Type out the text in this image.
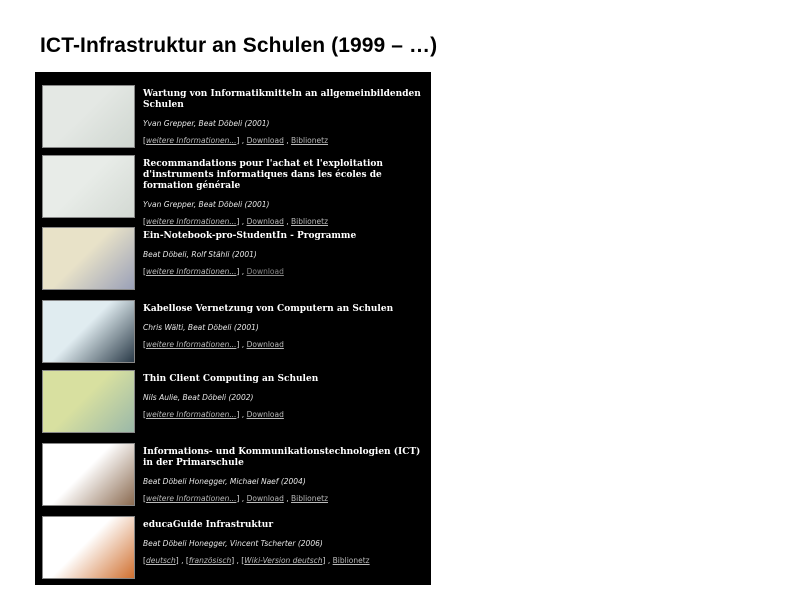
ICT-Infrastruktur an Schulen (1999 – …)
Wartung von Informatikmitteln an allgemeinbildenden Schulen
Yvan Grepper, Beat Döbeli (2001)
[weitere Informationen...] , Download , Biblionetz
Recommandations pour l'achat et l'exploitation d'instruments informatiques dans les écoles de formation générale
Yvan Grepper, Beat Döbeli (2001)
[weitere Informationen...] , Download , Biblionetz
Ein-Notebook-pro-StudentIn - Programme
Beat Döbeli, Rolf Stähli (2001)
[weitere Informationen...] , Download
Kabellose Vernetzung von Computern an Schulen
Chris Wälti, Beat Döbeli (2001)
[weitere Informationen...] , Download
Thin Client Computing an Schulen
Nils Aulie, Beat Döbeli (2002)
[weitere Informationen...] , Download
Informations- und Kommunikationstechnologien (ICT) in der Primarschule
Beat Döbeli Honegger, Michael Naef (2004)
[weitere Informationen...] , Download , Biblionetz
educaGuide Infrastruktur
Beat Döbeli Honegger, Vincent Tscherter (2006)
[deutsch] , [französisch] , [Wiki-Version deutsch] , Biblionetz
